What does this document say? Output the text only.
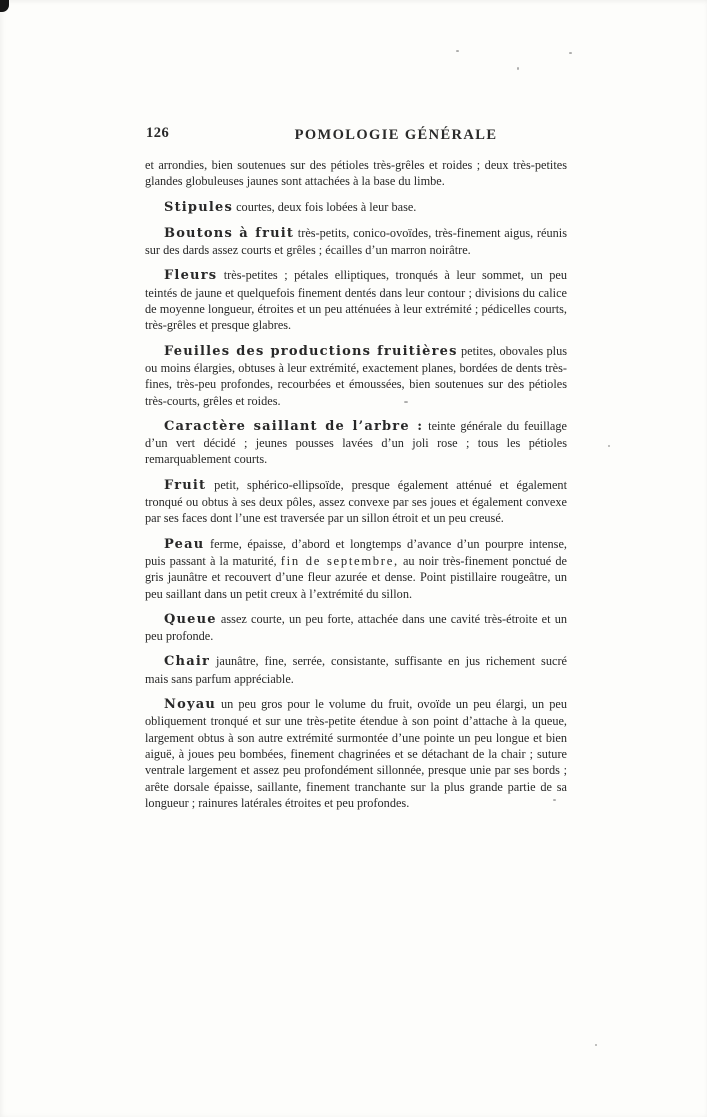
126	POMOLOGIE GÉNÉRALE

et arrondies, bien soutenues sur des pétioles très-grêles et roides ; deux très-petites glandes globuleuses jaunes sont attachées à la base du limbe.

Stipules courtes, deux fois lobées à leur base.

Boutons à fruit très-petits, conico-ovoïdes, très-finement aigus, réunis sur des dards assez courts et grêles ; écailles d’un marron noirâtre.

Fleurs très-petites ; pétales elliptiques, tronqués à leur sommet, un peu teintés de jaune et quelquefois finement dentés dans leur contour ; divisions du calice de moyenne longueur, étroites et un peu atténuées à leur extrémité ; pédicelles courts, très-grêles et presque glabres.

Feuilles des productions fruitières petites, obovales plus ou moins élargies, obtuses à leur extrémité, exactement planes, bordées de dents très-fines, très-peu profondes, recourbées et émoussées, bien soutenues sur des pétioles très-courts, grêles et roides.

Caractère saillant de l’arbre : teinte générale du feuillage d’un vert décidé ; jeunes pousses lavées d’un joli rose ; tous les pétioles remarquablement courts.

Fruit petit, sphérico-ellipsoïde, presque également atténué et également tronqué ou obtus à ses deux pôles, assez convexe par ses joues et également convexe par ses faces dont l’une est traversée par un sillon étroit et un peu creusé.

Peau ferme, épaisse, d’abord et longtemps d’avance d’un pourpre intense, puis passant à la maturité, fin de septembre, au noir très-finement ponctué de gris jaunâtre et recouvert d’une fleur azurée et dense. Point pistillaire rougeâtre, un peu saillant dans un petit creux à l’extrémité du sillon.

Queue assez courte, un peu forte, attachée dans une cavité très-étroite et un peu profonde.

Chair jaunâtre, fine, serrée, consistante, suffisante en jus richement sucré mais sans parfum appréciable.

Noyau un peu gros pour le volume du fruit, ovoïde un peu élargi, un peu obliquement tronqué et sur une très-petite étendue à son point d’attache à la queue, largement obtus à son autre extrémité surmontée d’une pointe un peu longue et bien aiguë, à joues peu bombées, finement chagrinées et se détachant de la chair ; suture ventrale largement et assez peu profondément sillonnée, presque unie par ses bords ; arête dorsale épaisse, saillante, finement tranchante sur la plus grande partie de sa longueur ; rainures latérales étroites et peu profondes.
